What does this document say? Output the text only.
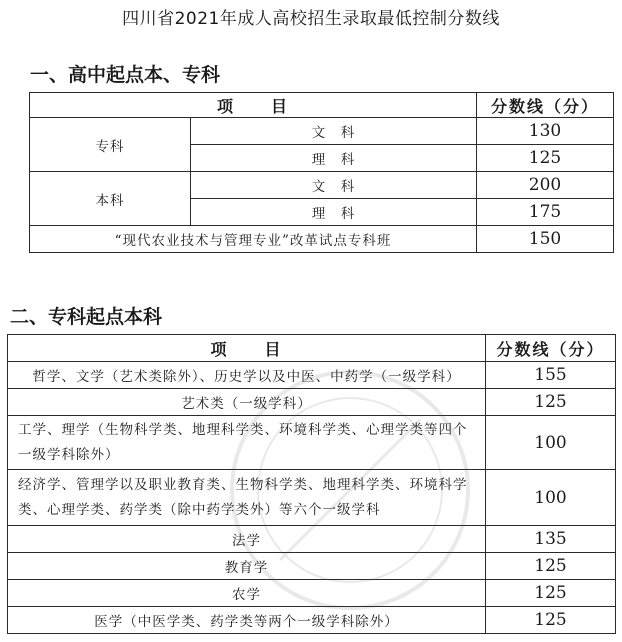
四川省2021年成人高校招生录取最低控制分数线
一、高中起点本、专科
项　　目		分数线（分）
专科	文　科	130
	理　科	125
本科	文　科	200
	理　科	175
“现代农业技术与管理专业”改革试点专科班		150
二、专科起点本科
项　　目	分数线（分）
哲学、文学（艺术类除外）、历史学以及中医、中药学（一级学科）	155
艺术类（一级学科）	125
工学、理学（生物科学类、地理科学类、环境科学类、心理学类等四个一级学科除外）	100
经济学、管理学以及职业教育类、生物科学类、地理科学类、环境科学类、心理学类、药学类（除中药学类外）等六个一级学科	100
法学	135
教育学	125
农学	125
医学（中医学类、药学类等两个一级学科除外）	125
